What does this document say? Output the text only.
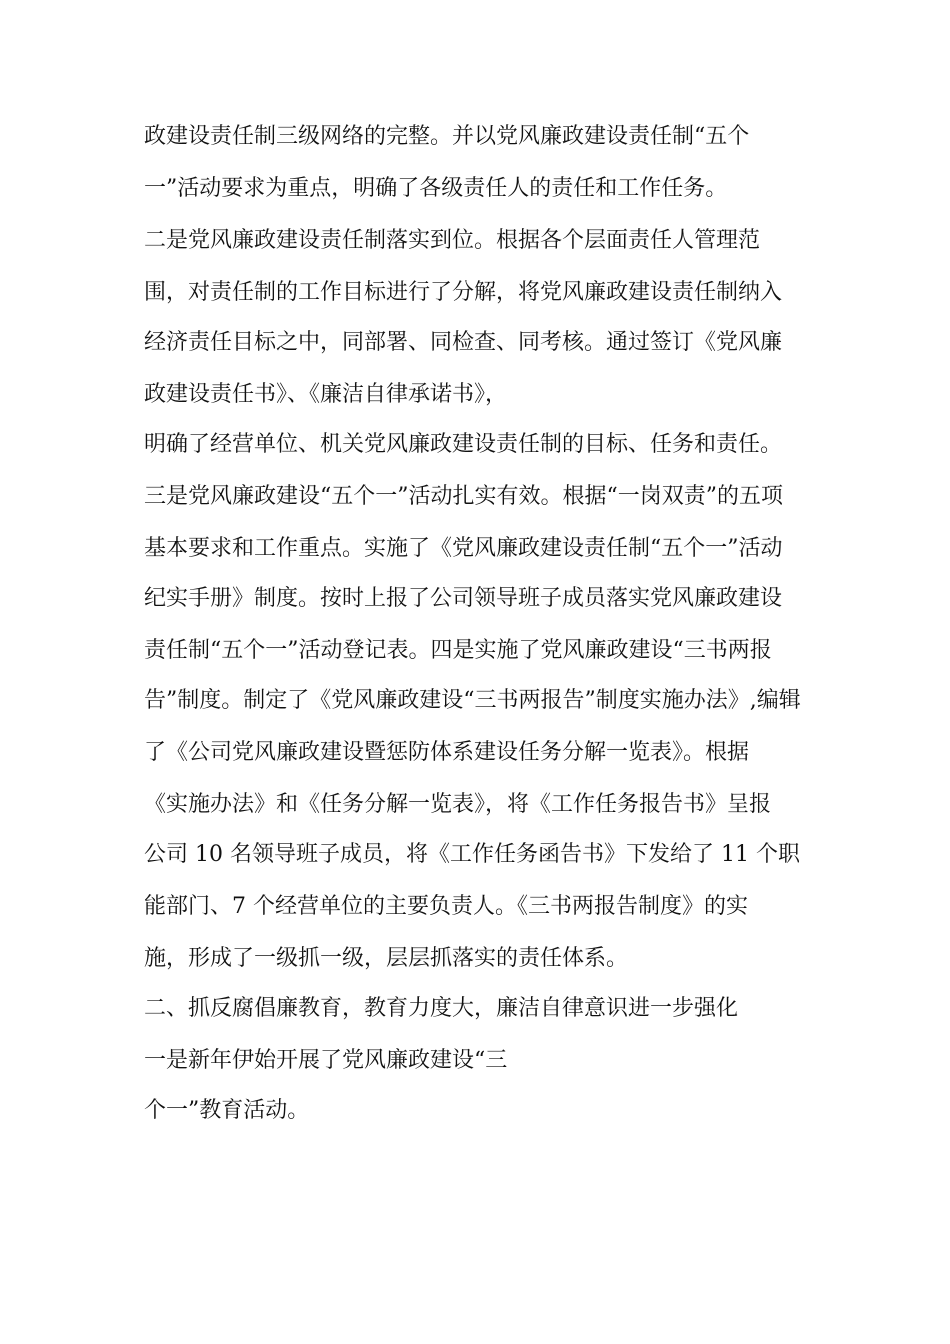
政建设责任制三级网络的完整。并以党风廉政建设责任制“五个
一”活动要求为重点，明确了各级责任人的责任和工作任务。
二是党风廉政建设责任制落实到位。根据各个层面责任人管理范
围，对责任制的工作目标进行了分解，将党风廉政建设责任制纳入
经济责任目标之中，同部署、同检查、同考核。通过签订《党风廉
政建设责任书》、《廉洁自律承诺书》，
明确了经营单位、机关党风廉政建设责任制的目标、任务和责任。
三是党风廉政建设“五个一”活动扎实有效。根据“一岗双责”的五项
基本要求和工作重点。实施了《党风廉政建设责任制“五个一”活动
纪实手册》制度。按时上报了公司领导班子成员落实党风廉政建设
责任制“五个一”活动登记表。四是实施了党风廉政建设“三书两报
告”制度。制定了《党风廉政建设“三书两报告”制度实施办法》,编辑
了《公司党风廉政建设暨惩防体系建设任务分解一览表》。根据
《实施办法》和《任务分解一览表》，将《工作任务报告书》呈报
公司 10 名领导班子成员，将《工作任务函告书》下发给了 11 个职
能部门、7 个经营单位的主要负责人。《三书两报告制度》的实
施，形成了一级抓一级，层层抓落实的责任体系。
二、抓反腐倡廉教育，教育力度大，廉洁自律意识进一步强化
一是新年伊始开展了党风廉政建设“三
个一”教育活动。
